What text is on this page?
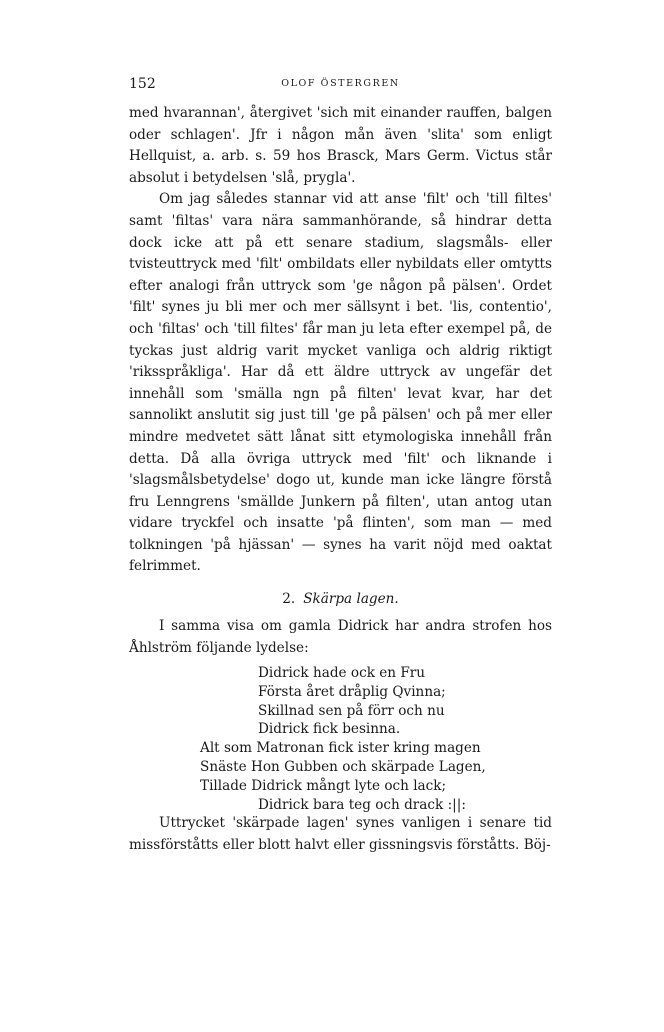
152	OLOF ÖSTERGREN

med hvarannan', återgivet 'sich mit einander rauffen, balgen oder schlagen'. Jfr i någon mån även 'slita' som enligt Hellquist, a. arb. s. 59 hos Brasck, Mars Germ. Victus står absolut i betydelsen 'slå, prygla'.

Om jag således stannar vid att anse 'filt' och 'till filtes' samt 'filtas' vara nära sammanhörande, så hindrar detta dock icke att på ett senare stadium, slagsmåls- eller tvisteuttryck med 'filt' ombildats eller nybildats eller omtytts efter analogi från uttryck som 'ge någon på pälsen'. Ordet 'filt' synes ju bli mer och mer sällsynt i bet. 'lis, contentio', och 'filtas' och 'till filtes' får man ju leta efter exempel på, de tyckas just aldrig varit mycket vanliga och aldrig riktigt 'riksspråkliga'. Har då ett äldre uttryck av ungefär det innehåll som 'smälla ngn på filten' levat kvar, har det sannolikt anslutit sig just till 'ge på pälsen' och på mer eller mindre medvetet sätt lånat sitt etymologiska innehåll från detta. Då alla övriga uttryck med 'filt' och liknande i 'slagsmålsbetydelse' dogo ut, kunde man icke längre förstå fru Lenngrens 'smällde Junkern på filten', utan antog utan vidare tryckfel och insatte 'på flinten', som man — med tolkningen 'på hjässan' — synes ha varit nöjd med oaktat felrimmet.

2. Skärpa lagen.

I samma visa om gamla Didrick har andra strofen hos Åhlström följande lydelse:

Didrick hade ock en Fru
Första året dråplig Qvinna;
Skillnad sen på förr och nu
Didrick fick besinna.
Alt som Matronan fick ister kring magen
Snäste Hon Gubben och skärpade Lagen,
Tillade Didrick mångt lyte och lack;
Didrick bara teg och drack :||:

Uttrycket 'skärpade lagen' synes vanligen i senare tid missförståtts eller blott halvt eller gissningsvis förståtts. Böj-
